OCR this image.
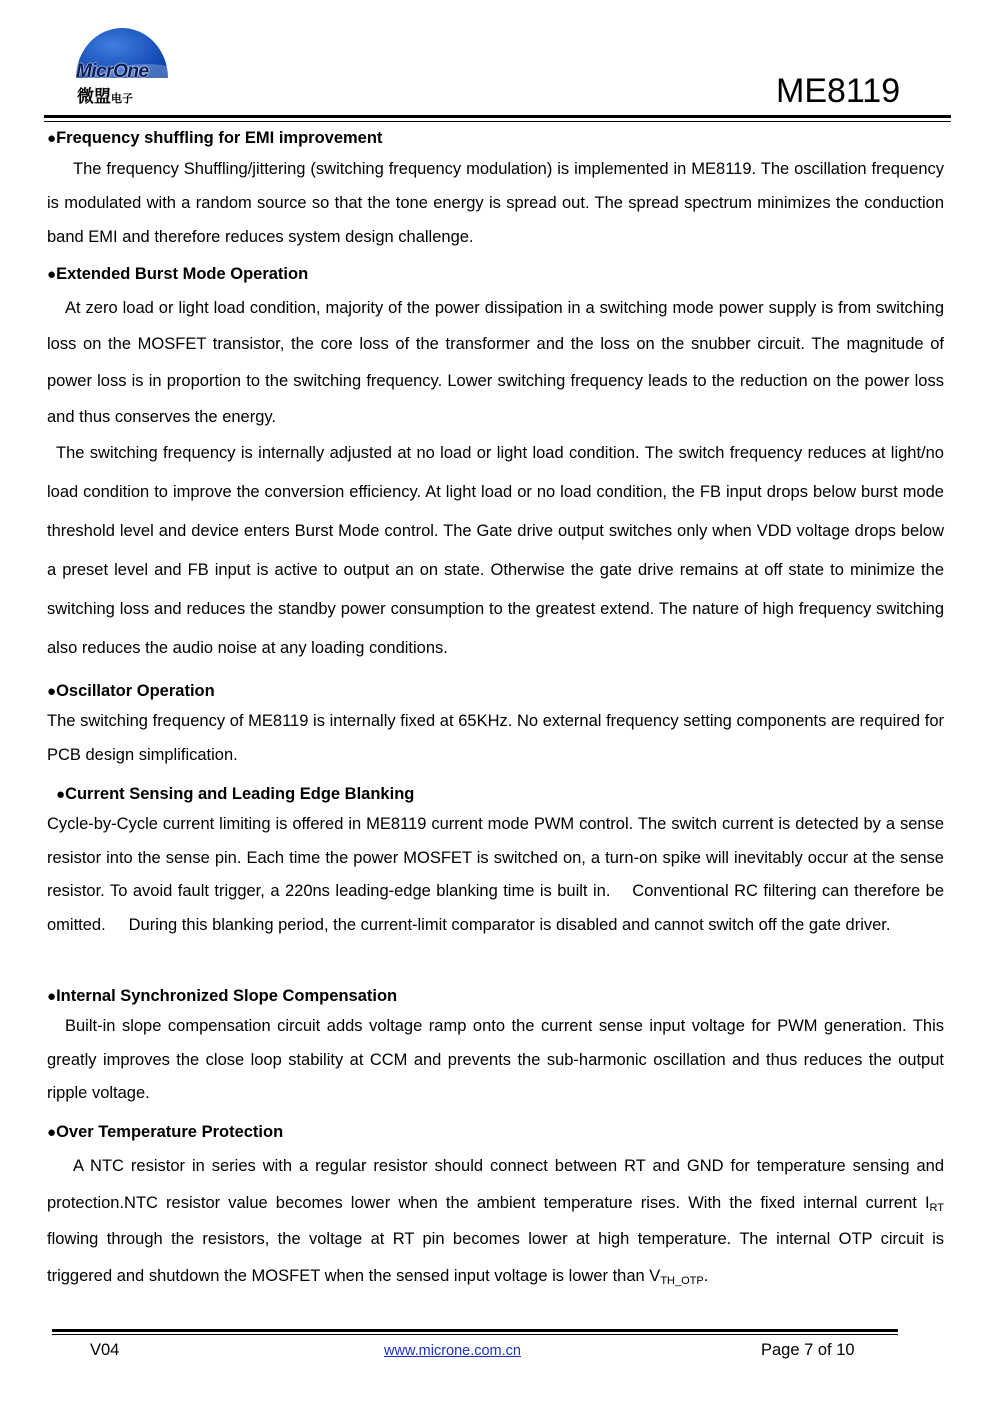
MicrOne
微盟电子	ME8119

●Frequency shuffling for EMI improvement

The frequency Shuffling/jittering (switching frequency modulation) is implemented in ME8119. The oscillation frequency is modulated with a random source so that the tone energy is spread out. The spread spectrum minimizes the conduction band EMI and therefore reduces system design challenge.

●Extended Burst Mode Operation

At zero load or light load condition, majority of the power dissipation in a switching mode power supply is from switching loss on the MOSFET transistor, the core loss of the transformer and the loss on the snubber circuit. The magnitude of power loss is in proportion to the switching frequency. Lower switching frequency leads to the reduction on the power loss and thus conserves the energy.

The switching frequency is internally adjusted at no load or light load condition. The switch frequency reduces at light/no load condition to improve the conversion efficiency. At light load or no load condition, the FB input drops below burst mode threshold level and device enters Burst Mode control. The Gate drive output switches only when VDD voltage drops below a preset level and FB input is active to output an on state. Otherwise the gate drive remains at off state to minimize the switching loss and reduces the standby power consumption to the greatest extend. The nature of high frequency switching also reduces the audio noise at any loading conditions.

●Oscillator Operation

The switching frequency of ME8119 is internally fixed at 65KHz. No external frequency setting components are required for PCB design simplification.

●Current Sensing and Leading Edge Blanking

Cycle-by-Cycle current limiting is offered in ME8119 current mode PWM control. The switch current is detected by a sense resistor into the sense pin. Each time the power MOSFET is switched on, a turn-on spike will inevitably occur at the sense resistor. To avoid fault trigger, a 220ns leading-edge blanking time is built in.    Conventional RC filtering can therefore be omitted.     During this blanking period, the current-limit comparator is disabled and cannot switch off the gate driver.

●Internal Synchronized Slope Compensation

Built-in slope compensation circuit adds voltage ramp onto the current sense input voltage for PWM generation. This greatly improves the close loop stability at CCM and prevents the sub-harmonic oscillation and thus reduces the output ripple voltage.

●Over Temperature Protection

A NTC resistor in series with a regular resistor should connect between RT and GND for temperature sensing and protection.NTC resistor value becomes lower when the ambient temperature rises. With the fixed internal current $I_{RT}$ flowing through the resistors, the voltage at RT pin becomes lower at high temperature. The internal OTP circuit is triggered and shutdown the MOSFET when the sensed input voltage is lower than $V_{TH\_OTP}$.

V04	www.microne.com.cn	Page 7 of 10
